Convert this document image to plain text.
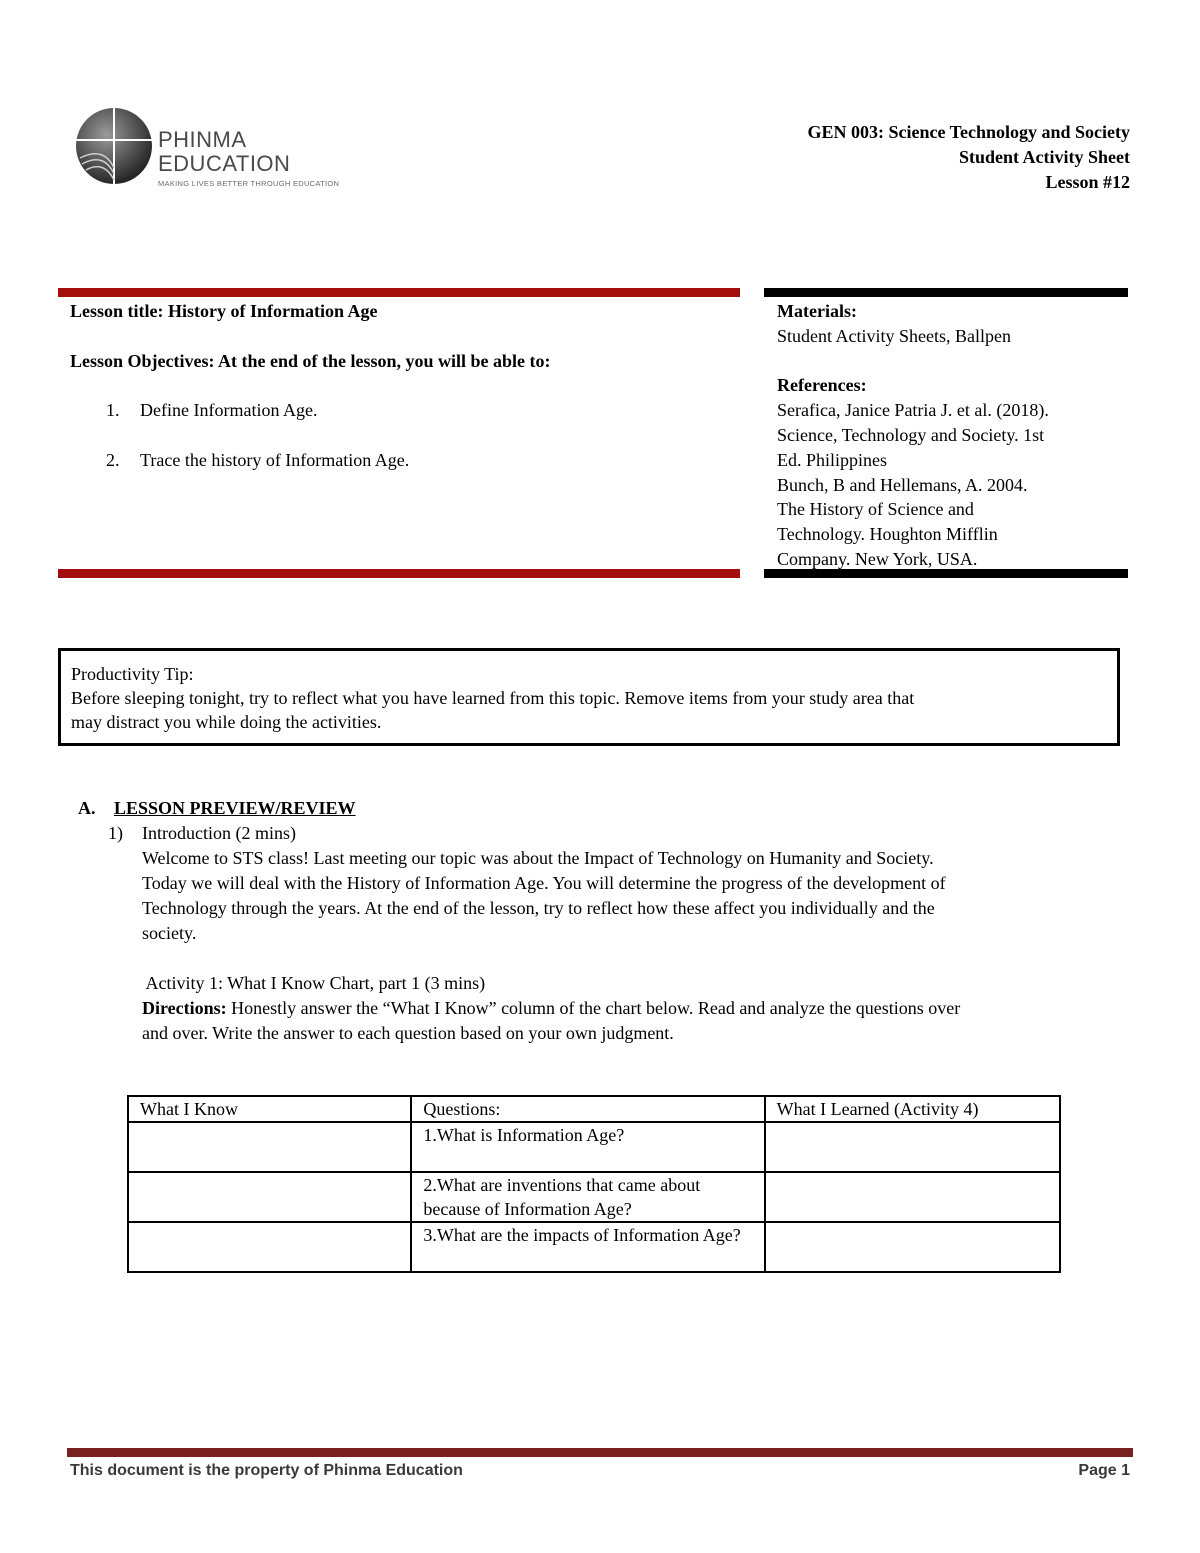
PHINMA EDUCATION
MAKING LIVES BETTER THROUGH EDUCATION
GEN 003: Science Technology and Society
Student Activity Sheet
Lesson #12
Lesson title: History of Information Age
Lesson Objectives: At the end of the lesson, you will be able to:
1.	Define Information Age.
2.	Trace the history of Information Age.
Materials:
Student Activity Sheets, Ballpen
References:
Serafica, Janice Patria J. et al. (2018).
Science, Technology and Society. 1st
Ed. Philippines
Bunch, B and Hellemans, A. 2004.
The History of Science and
Technology. Houghton Mifflin
Company. New York, USA.
Productivity Tip:
Before sleeping tonight, try to reflect what you have learned from this topic. Remove items from your study area that
may distract you while doing the activities.
A.	LESSON PREVIEW/REVIEW
1)	Introduction (2 mins)
Welcome to STS class! Last meeting our topic was about the Impact of Technology on Humanity and Society.
Today we will deal with the History of Information Age. You will determine the progress of the development of
Technology through the years. At the end of the lesson, try to reflect how these affect you individually and the
society.
Activity 1: What I Know Chart, part 1 (3 mins)
Directions: Honestly answer the “What I Know” column of the chart below. Read and analyze the questions over
and over. Write the answer to each question based on your own judgment.
What I Know	Questions:	What I Learned (Activity 4)
	1.What is Information Age?	
	2.What are inventions that came about because of Information Age?	
	3.What are the impacts of Information Age?	
This document is the property of Phinma Education	Page 1
